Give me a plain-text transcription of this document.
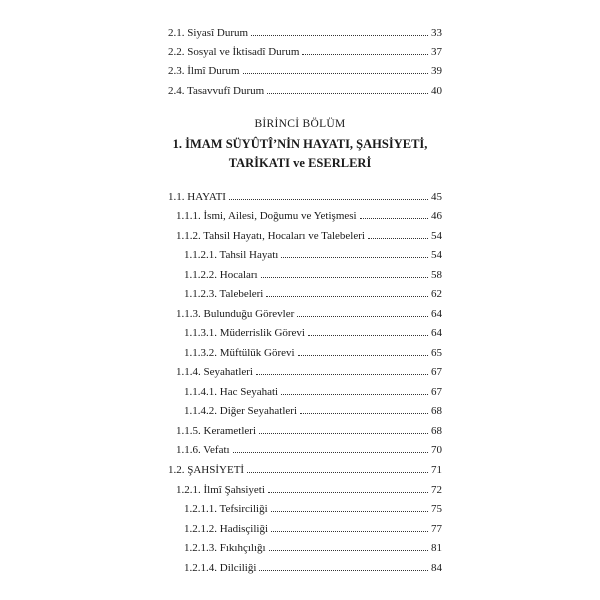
2.1. Siyasî Durum	33
2.2. Sosyal ve İktisadî Durum	37
2.3. İlmî Durum	39
2.4. Tasavvufî Durum	40
BİRİNCİ BÖLÜM
1. İMAM SÜYÛTÎ’NİN HAYATI, ŞAHSİYETİ,
TARİKATI ve ESERLERİ
1.1. HAYATI	45
1.1.1. İsmi, Ailesi, Doğumu ve Yetişmesi	46
1.1.2. Tahsil Hayatı, Hocaları ve Talebeleri	54
1.1.2.1. Tahsil Hayatı	54
1.1.2.2. Hocaları	58
1.1.2.3. Talebeleri	62
1.1.3. Bulunduğu Görevler	64
1.1.3.1. Müderrislik Görevi	64
1.1.3.2. Müftülük Görevi	65
1.1.4. Seyahatleri	67
1.1.4.1. Hac Seyahati	67
1.1.4.2. Diğer Seyahatleri	68
1.1.5. Kerametleri	68
1.1.6. Vefatı	70
1.2. ŞAHSİYETİ	71
1.2.1. İlmî Şahsiyeti	72
1.2.1.1. Tefsirciliği	75
1.2.1.2. Hadisçiliği	77
1.2.1.3. Fıkıhçılığı	81
1.2.1.4. Dilciliği	84
